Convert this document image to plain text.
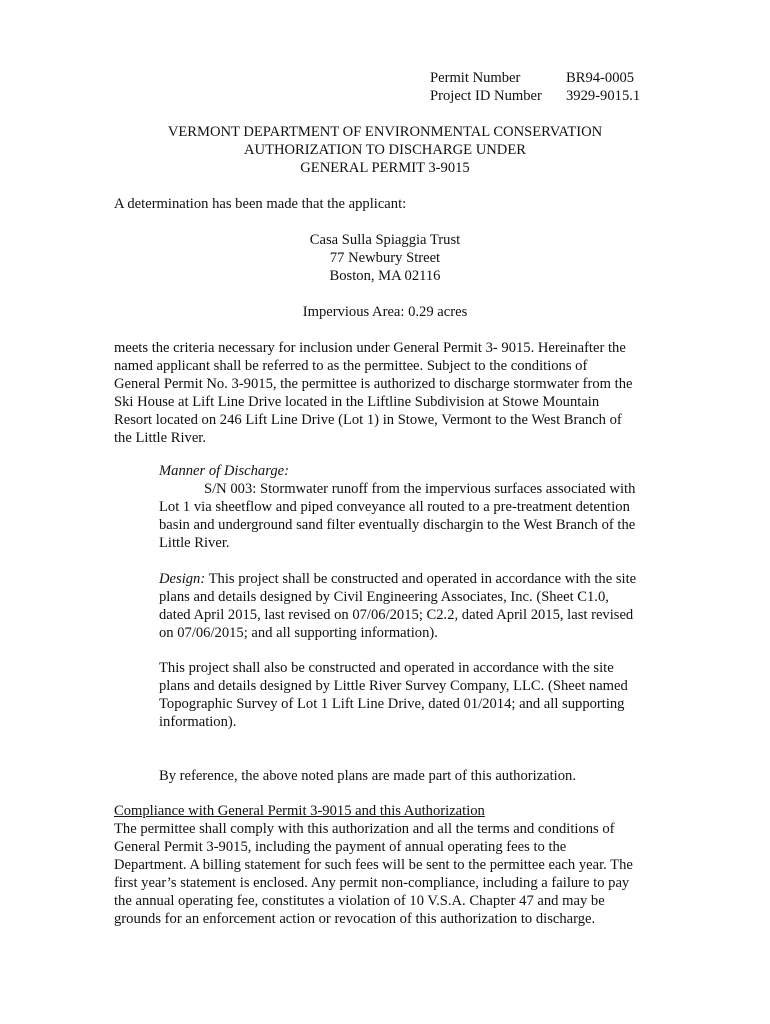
Permit Number	BR94-0005
Project ID Number	3929-9015.1
VERMONT DEPARTMENT OF ENVIRONMENTAL CONSERVATION
AUTHORIZATION TO DISCHARGE UNDER
GENERAL PERMIT 3-9015
A determination has been made that the applicant:
Casa Sulla Spiaggia Trust
77 Newbury Street
Boston, MA 02116
Impervious Area: 0.29 acres
meets the criteria necessary for inclusion under General Permit 3- 9015. Hereinafter the
named applicant shall be referred to as the permittee. Subject to the conditions of
General Permit No. 3-9015, the permittee is authorized to discharge stormwater from the
Ski House at Lift Line Drive located in the Liftline Subdivision at Stowe Mountain
Resort located on 246 Lift Line Drive (Lot 1) in Stowe, Vermont to the West Branch of
the Little River.
Manner of Discharge:
S/N 003: Stormwater runoff from the impervious surfaces associated with
Lot 1 via sheetflow and piped conveyance all routed to a pre-treatment detention
basin and underground sand filter eventually dischargin to the West Branch of the
Little River.
Design: This project shall be constructed and operated in accordance with the site
plans and details designed by Civil Engineering Associates, Inc. (Sheet C1.0,
dated April 2015, last revised on 07/06/2015; C2.2, dated April 2015, last revised
on 07/06/2015; and all supporting information).
This project shall also be constructed and operated in accordance with the site
plans and details designed by Little River Survey Company, LLC. (Sheet named
Topographic Survey of Lot 1 Lift Line Drive, dated 01/2014; and all supporting
information).
By reference, the above noted plans are made part of this authorization.
Compliance with General Permit 3-9015 and this Authorization
The permittee shall comply with this authorization and all the terms and conditions of
General Permit 3-9015, including the payment of annual operating fees to the
Department. A billing statement for such fees will be sent to the permittee each year. The
first year’s statement is enclosed. Any permit non-compliance, including a failure to pay
the annual operating fee, constitutes a violation of 10 V.S.A. Chapter 47 and may be
grounds for an enforcement action or revocation of this authorization to discharge.
